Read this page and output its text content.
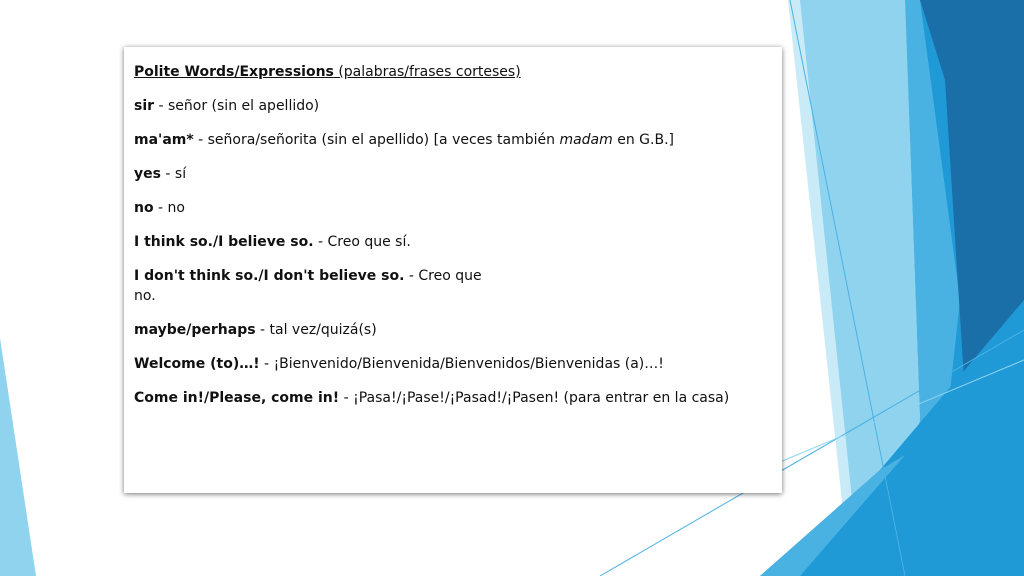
Polite Words/Expressions (palabras/frases corteses)
sir - señor (sin el apellido)
ma'am* - señora/señorita (sin el apellido) [a veces también madam en G.B.]
yes - sí
no - no
I think so./I believe so. - Creo que sí.
I don't think so./I don't believe so. - Creo que
no.
maybe/perhaps - tal vez/quizá(s)
Welcome (to)…! - ¡Bienvenido/Bienvenida/Bienvenidos/Bienvenidas (a)…!
Come in!/Please, come in! - ¡Pasa!/¡Pase!/¡Pasad!/¡Pasen! (para entrar en la casa)
